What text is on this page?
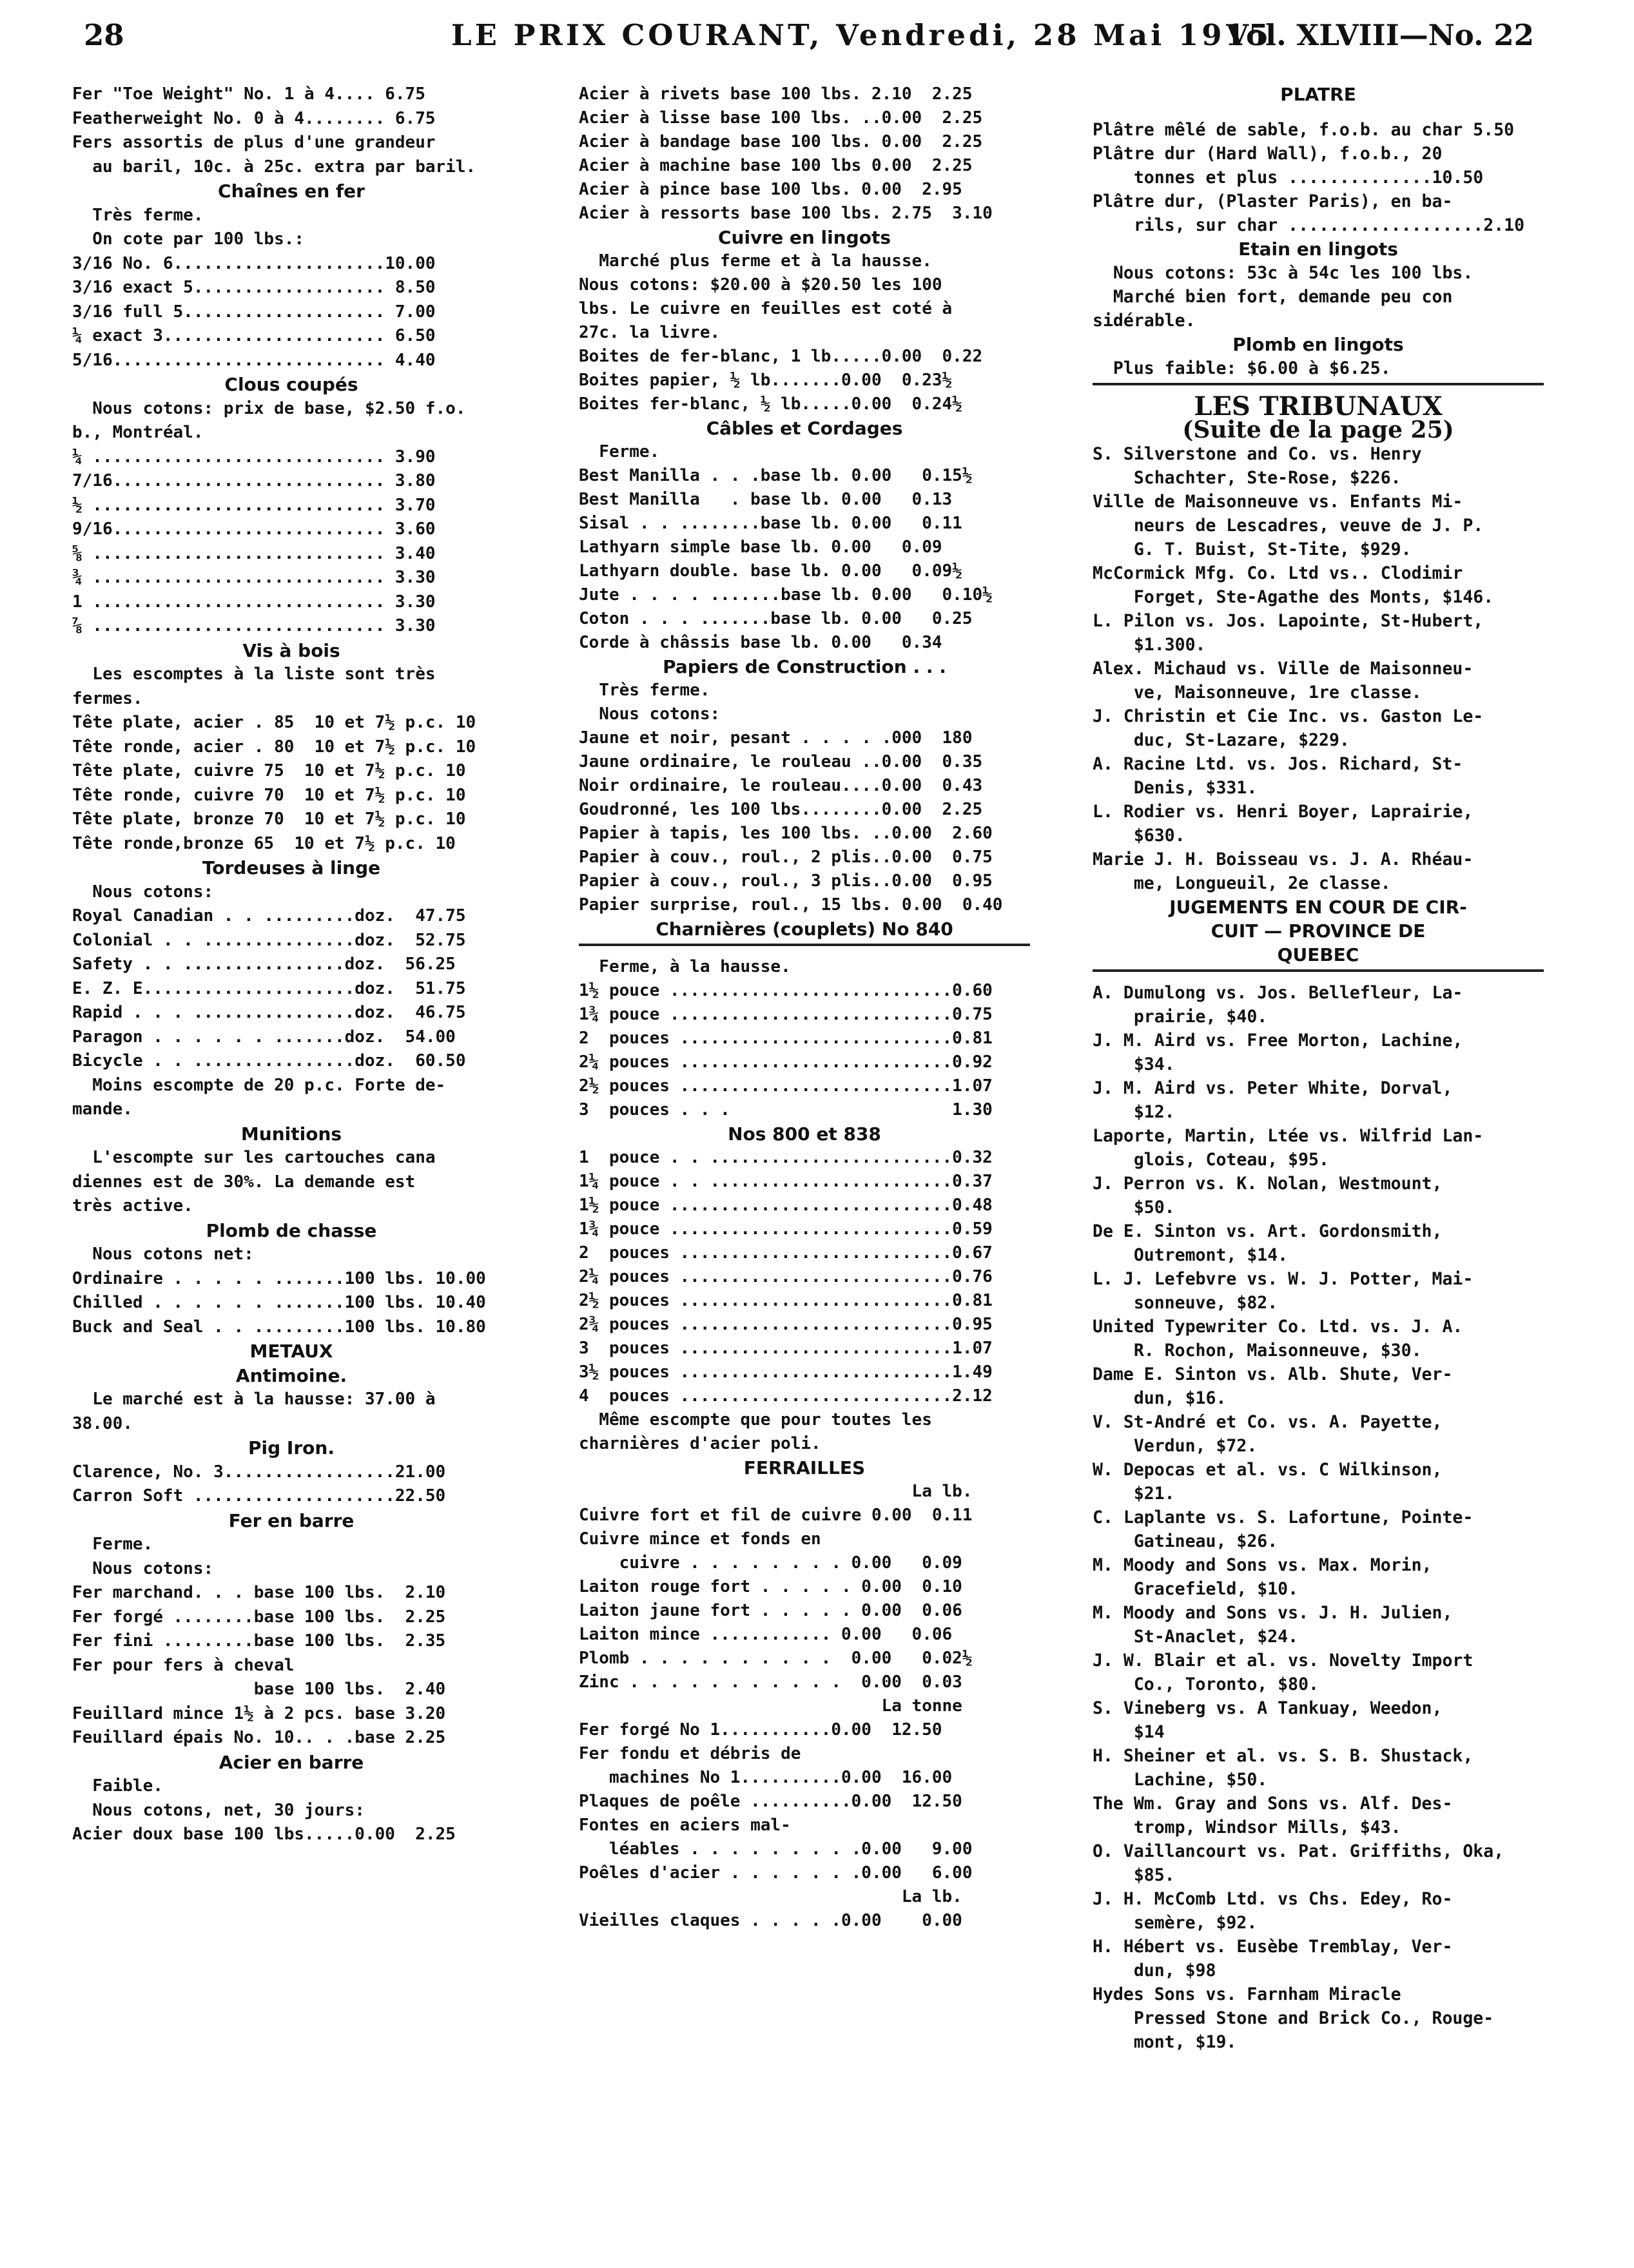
28	LE PRIX COURANT, Vendredi, 28 Mai 1915
Vol. XLVIII—No. 22
Fer "Toe Weight" No. 1 à 4.... 6.75
Featherweight No. 0 à 4........ 6.75
Fers assortis de plus d'une grandeur
au baril, 10c. à 25c. extra par baril.
Chaînes en fer
Très ferme.
On cote par 100 lbs.:
3/16 No. 6.....................10.00
3/16 exact 5................... 8.50
3/16 full 5.................... 7.00
¼ exact 3...................... 6.50
5/16........................... 4.40
Clous coupés
Nous cotons: prix de base, $2.50 f.o.
b., Montréal.
¼ ............................. 3.90
7/16........................... 3.80
½ ............................. 3.70
9/16........................... 3.60
⅝ ............................. 3.40
¾ ............................. 3.30
1 ............................. 3.30
⅞ ............................. 3.30
Vis à bois
Les escomptes à la liste sont très
fermes.
Tête plate, acier . 85  10 et 7½ p.c. 10
Tête ronde, acier . 80  10 et 7½ p.c. 10
Tête plate, cuivre 75  10 et 7½ p.c. 10
Tête ronde, cuivre 70  10 et 7½ p.c. 10
Tête plate, bronze 70  10 et 7½ p.c. 10
Tête ronde,bronze 65  10 et 7½ p.c. 10
Tordeuses à linge
Nous cotons:
Royal Canadian . . .........doz.  47.75
Colonial . . ...............doz.  52.75
Safety . . ................doz.  56.25
E. Z. E.....................doz.  51.75
Rapid . . . ................doz.  46.75
Paragon . . . . . . .......doz.  54.00
Bicycle . . ................doz.  60.50
Moins escompte de 20 p.c. Forte de-
mande.
Munitions
L'escompte sur les cartouches cana
diennes est de 30%. La demande est
très active.
Plomb de chasse
Nous cotons net:
Ordinaire . . . . . .......100 lbs. 10.00
Chilled . . . . . . .......100 lbs. 10.40
Buck and Seal . . .........100 lbs. 10.80
METAUX
Antimoine.
Le marché est à la hausse: 37.00 à
38.00.
Pig Iron.
Clarence, No. 3.................21.00
Carron Soft ....................22.50
Fer en barre
Ferme.
Nous cotons:
Fer marchand. . . base 100 lbs.  2.10
Fer forgé ........base 100 lbs.  2.25
Fer fini .........base 100 lbs.  2.35
Fer pour fers à cheval
base 100 lbs.  2.40
Feuillard mince 1½ à 2 pcs. base 3.20
Feuillard épais No. 10.. . .base 2.25
Acier en barre
Faible.
Nous cotons, net, 30 jours:
Acier doux base 100 lbs.....0.00  2.25
Acier à rivets base 100 lbs. 2.10  2.25
Acier à lisse base 100 lbs. ..0.00  2.25
Acier à bandage base 100 lbs. 0.00  2.25
Acier à machine base 100 lbs 0.00  2.25
Acier à pince base 100 lbs. 0.00  2.95
Acier à ressorts base 100 lbs. 2.75  3.10
Cuivre en lingots
Marché plus ferme et à la hausse.
Nous cotons: $20.00 à $20.50 les 100
lbs. Le cuivre en feuilles est coté à
27c. la livre.
Boites de fer-blanc, 1 lb.....0.00  0.22
Boites papier, ½ lb.......0.00  0.23½
Boites fer-blanc, ½ lb.....0.00  0.24½
Câbles et Cordages
Ferme.
Best Manilla . . .base lb. 0.00   0.15½
Best Manilla   . base lb. 0.00   0.13
Sisal . . ........base lb. 0.00   0.11
Lathyarn simple base lb. 0.00   0.09
Lathyarn double. base lb. 0.00   0.09½
Jute . . . . .......base lb. 0.00   0.10½
Coton . . . .......base lb. 0.00   0.25
Corde à châssis base lb. 0.00   0.34
Papiers de Construction . . .
Très ferme.
Nous cotons:
Jaune et noir, pesant . . . . .000  180
Jaune ordinaire, le rouleau ..0.00  0.35
Noir ordinaire, le rouleau....0.00  0.43
Goudronné, les 100 lbs........0.00  2.25
Papier à tapis, les 100 lbs. ..0.00  2.60
Papier à couv., roul., 2 plis..0.00  0.75
Papier à couv., roul., 3 plis..0.00  0.95
Papier surprise, roul., 15 lbs. 0.00  0.40
Charnières (couplets) No 840
Ferme, à la hausse.
1½ pouce ............................0.60
1¾ pouce ............................0.75
2  pouces ...........................0.81
2¼ pouces ...........................0.92
2½ pouces ...........................1.07
3  pouces . . .                      1.30
Nos 800 et 838
1  pouce . . ........................0.32
1¼ pouce . . ........................0.37
1½ pouce ............................0.48
1¾ pouce ............................0.59
2  pouces ...........................0.67
2¼ pouces ...........................0.76
2½ pouces ...........................0.81
2¾ pouces ...........................0.95
3  pouces ...........................1.07
3½ pouces ...........................1.49
4  pouces ...........................2.12
Même escompte que pour toutes les
charnières d'acier poli.
FERRAILLES
La lb.
Cuivre fort et fil de cuivre 0.00  0.11
Cuivre mince et fonds en
cuivre . . . . . . . . 0.00   0.09
Laiton rouge fort . . . . . 0.00  0.10
Laiton jaune fort . . . . . 0.00  0.06
Laiton mince ............ 0.00   0.06
Plomb . . . . . . . . . .  0.00   0.02½
Zinc . . . . . . . . . . .  0.00  0.03
La tonne
Fer forgé No 1...........0.00  12.50
Fer fondu et débris de
machines No 1..........0.00  16.00
Plaques de poêle ..........0.00  12.50
Fontes en aciers mal-
léables . . . . . . . . .0.00   9.00
Poêles d'acier . . . . . . .0.00   6.00
La lb.
Vieilles claques . . . . .0.00    0.00
PLATRE
Plâtre mêlé de sable, f.o.b. au char 5.50
Plâtre dur (Hard Wall), f.o.b., 20
tonnes et plus ..............10.50
Plâtre dur, (Plaster Paris), en ba-
rils, sur char ...................2.10
Etain en lingots
Nous cotons: 53c à 54c les 100 lbs.
Marché bien fort, demande peu con
sidérable.
Plomb en lingots
Plus faible: $6.00 à $6.25.
LES TRIBUNAUX
(Suite de la page 25)
S. Silverstone and Co. vs. Henry
Schachter, Ste-Rose, $226.
Ville de Maisonneuve vs. Enfants Mi-
neurs de Lescadres, veuve de J. P.
G. T. Buist, St-Tite, $929.
McCormick Mfg. Co. Ltd vs.. Clodimir
Forget, Ste-Agathe des Monts, $146.
L. Pilon vs. Jos. Lapointe, St-Hubert,
$1.300.
Alex. Michaud vs. Ville de Maisonneu-
ve, Maisonneuve, 1re classe.
J. Christin et Cie Inc. vs. Gaston Le-
duc, St-Lazare, $229.
A. Racine Ltd. vs. Jos. Richard, St-
Denis, $331.
L. Rodier vs. Henri Boyer, Laprairie,
$630.
Marie J. H. Boisseau vs. J. A. Rhéau-
me, Longueuil, 2e classe.
JUGEMENTS EN COUR DE CIR-
CUIT — PROVINCE DE
QUEBEC
A. Dumulong vs. Jos. Bellefleur, La-
prairie, $40.
J. M. Aird vs. Free Morton, Lachine,
$34.
J. M. Aird vs. Peter White, Dorval,
$12.
Laporte, Martin, Ltée vs. Wilfrid Lan-
glois, Coteau, $95.
J. Perron vs. K. Nolan, Westmount,
$50.
De E. Sinton vs. Art. Gordonsmith,
Outremont, $14.
L. J. Lefebvre vs. W. J. Potter, Mai-
sonneuve, $82.
United Typewriter Co. Ltd. vs. J. A.
R. Rochon, Maisonneuve, $30.
Dame E. Sinton vs. Alb. Shute, Ver-
dun, $16.
V. St-André et Co. vs. A. Payette,
Verdun, $72.
W. Depocas et al. vs. C Wilkinson,
$21.
C. Laplante vs. S. Lafortune, Pointe-
Gatineau, $26.
M. Moody and Sons vs. Max. Morin,
Gracefield, $10.
M. Moody and Sons vs. J. H. Julien,
St-Anaclet, $24.
J. W. Blair et al. vs. Novelty Import
Co., Toronto, $80.
S. Vineberg vs. A Tankuay, Weedon,
$14
H. Sheiner et al. vs. S. B. Shustack,
Lachine, $50.
The Wm. Gray and Sons vs. Alf. Des-
tromp, Windsor Mills, $43.
O. Vaillancourt vs. Pat. Griffiths, Oka,
$85.
J. H. McComb Ltd. vs Chs. Edey, Ro-
semère, $92.
H. Hébert vs. Eusèbe Tremblay, Ver-
dun, $98
Hydes Sons vs. Farnham Miracle
Pressed Stone and Brick Co., Rouge-
mont, $19.
